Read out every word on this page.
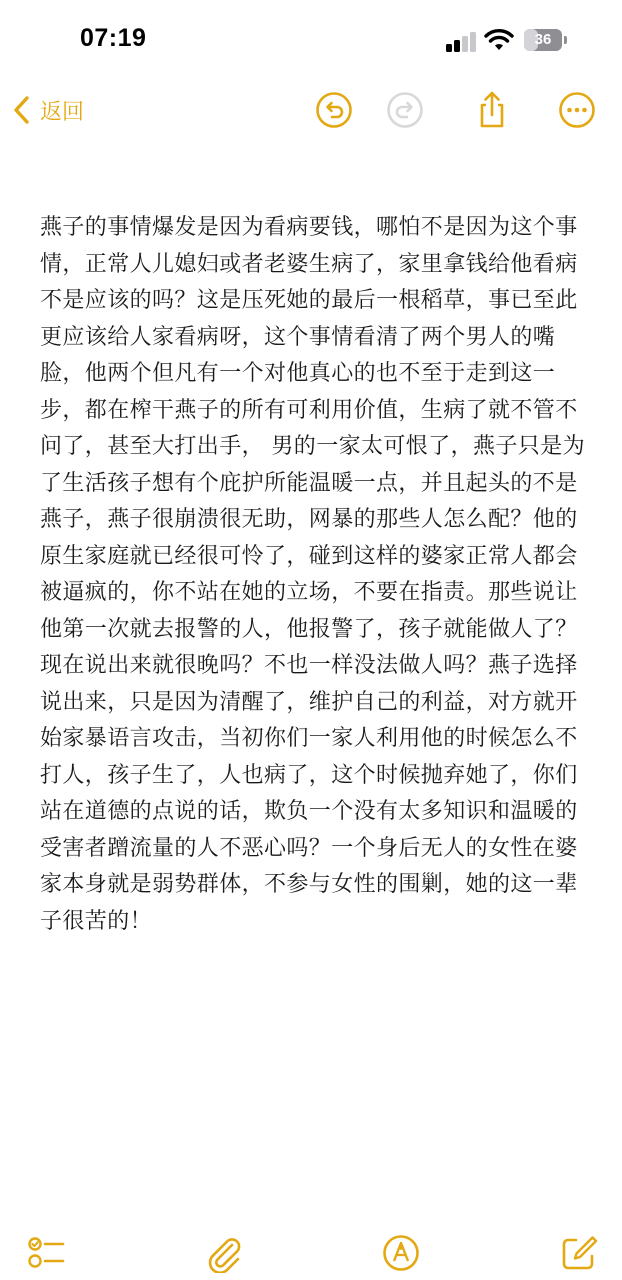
07:19	36
返回

燕子的事情爆发是因为看病要钱，哪怕不是因为这个事情，正常人儿媳妇或者老婆生病了，家里拿钱给他看病不是应该的吗？这是压死她的最后一根稻草，事已至此更应该给人家看病呀，这个事情看清了两个男人的嘴脸，他两个但凡有一个对他真心的也不至于走到这一步，都在榨干燕子的所有可利用价值，生病了就不管不问了，甚至大打出手， 男的一家太可恨了，燕子只是为了生活孩子想有个庇护所能温暖一点，并且起头的不是燕子，燕子很崩溃很无助，网暴的那些人怎么配？他的原生家庭就已经很可怜了，碰到这样的婆家正常人都会被逼疯的，你不站在她的立场，不要在指责。那些说让他第一次就去报警的人，他报警了，孩子就能做人了？现在说出来就很晚吗？不也一样没法做人吗？燕子选择说出来，只是因为清醒了，维护自己的利益，对方就开始家暴语言攻击，当初你们一家人利用他的时候怎么不打人，孩子生了，人也病了，这个时候抛弃她了，你们站在道德的点说的话，欺负一个没有太多知识和温暖的受害者蹭流量的人不恶心吗？一个身后无人的女性在婆家本身就是弱势群体，不参与女性的围剿，她的这一辈子很苦的！
